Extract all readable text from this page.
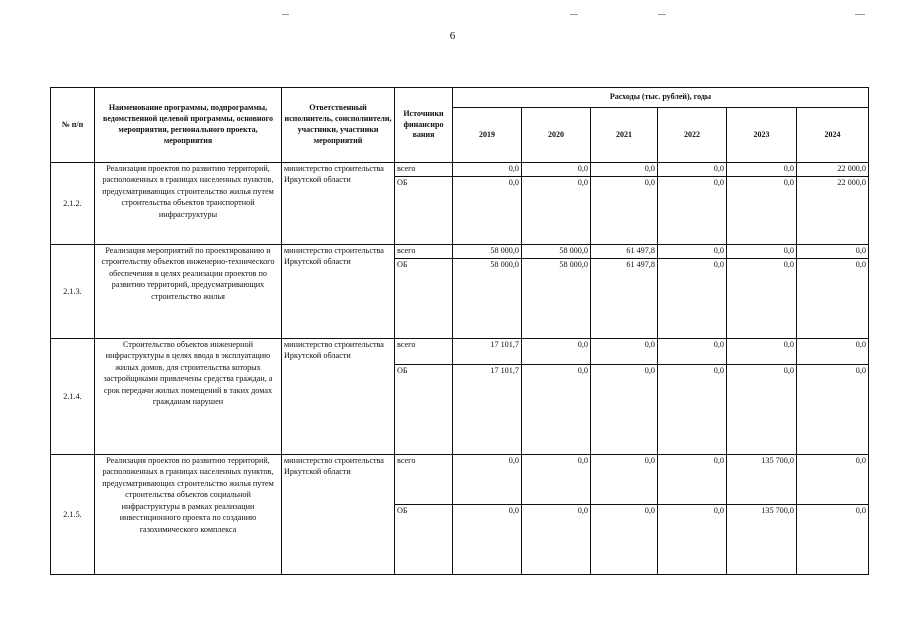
6
№ п/п	Наименование программы, подпрограммы, ведомственной целевой программы, основного мероприятия, регионального проекта, мероприятия	Ответственный исполнитель, соисполнители, участники, участники мероприятий	Источники финансиро вания	Расходы (тыс. рублей), годы					
				2019	2020	2021	2022	2023	2024
2.1.2.	Реализация проектов по развитию территорий, расположенных в границах населенных пунктов, предусматривающих строительство жилья путем строительства объектов транспортной инфраструктуры	министерство строительства Иркутской области	всего	0,0	0,0	0,0	0,0	0,0	22 000,0
			ОБ	0,0	0,0	0,0	0,0	0,0	22 000,0
2.1.3.	Реализация мероприятий по проектированию и строительству объектов инженерно-технического обеспечения в целях реализации проектов по развитию территорий, предусматривающих строительство жилья	министерство строительства Иркутской области	всего	58 000,0	58 000,0	61 497,8	0,0	0,0	0,0
			ОБ	58 000,0	58 000,0	61 497,8	0,0	0,0	0,0
2.1.4.	Строительство объектов инженерной инфраструктуры в целях ввода в эксплуатацию жилых домов, для строительства которых застройщиками привлечены средства граждан, а срок передачи жилых помещений в таких домах гражданам нарушен	министерство строительства Иркутской области	всего	17 101,7	0,0	0,0	0,0	0,0	0,0
			ОБ	17 101,7	0,0	0,0	0,0	0,0	0,0
2.1.5.	Реализация проектов по развитию территорий, расположенных в границах населенных пунктов, предусматривающих строительство жилья путем строительства объектов социальной инфраструктуры в рамках реализации инвестиционного проекта по созданию газохимического комплекса	министерство строительства Иркутской области	всего	0,0	0,0	0,0	0,0	135 700,0	0,0
			ОБ	0,0	0,0	0,0	0,0	135 700,0	0,0
